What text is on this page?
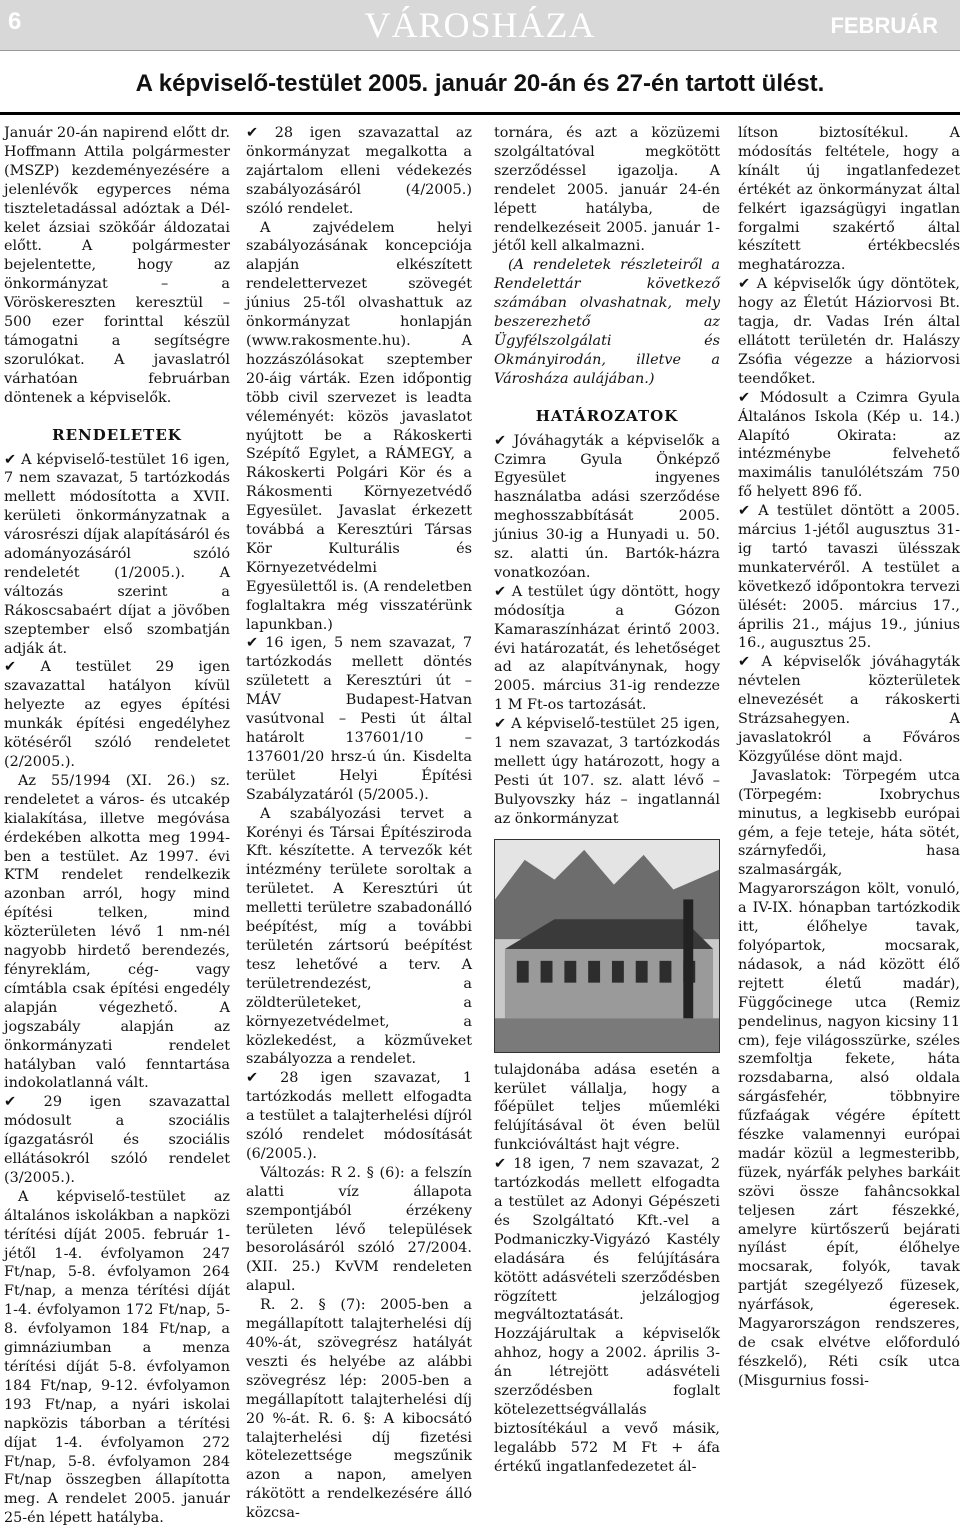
6	VÁROSHÁZA	FEBRUÁR
A képviselő-testület 2005. január 20-án és 27-én tartott ülést.

Január 20-án napirend előtt dr. Hoffmann Attila polgármester (MSZP) kezdeményezésére a jelenlévők egyperces néma tiszteletadással adóztak a Dél-kelet ázsiai szökőár áldozatai előtt. A polgármester bejelentette, hogy az önkormányzat – a Vöröskereszten keresztül – 500 ezer forinttal készül támogatni a segítségre szorulókat. A javaslatról várhatóan februárban döntenek a képviselők.

RENDELETEK

✔ A képviselő-testület 16 igen, 7 nem szavazat, 5 tartózkodás mellett módosította a XVII. kerületi önkormányzatnak a városrészi díjak alapításáról és adományozásáról szóló rendeletét (1/2005.). A változás szerint a Rákoscsabaért díjat a jövőben szeptember első szombatján adják át.

✔ A testület 29 igen szavazattal hatályon kívül helyezte az egyes építési munkák építési engedélyhez kötéséről szóló rendeletet (2/2005.).

Az 55/1994 (XI. 26.) sz. rendeletet a város- és utcakép kialakítása, illetve megóvása érdekében alkotta meg 1994-ben a testület. Az 1997. évi KTM rendelet rendelkezik azonban arról, hogy mind építési telken, mind közterületen lévő 1 nm-nél nagyobb hirdető berendezés, fényreklám, cég- vagy címtábla csak építési engedély alapján végezhető. A jogszabály alapján az önkormányzati rendelet hatályban való fenntartása indokolatlanná vált.

✔ 29 igen szavazattal módosult a szociális ígazgatásról és szociális ellátásokról szóló rendelet (3/2005.).

A képviselő-testület az általános iskolákban a napközi térítési díját 2005. február 1-jétől 1-4. évfolyamon 247 Ft/nap, 5-8. évfolyamon 264 Ft/nap, a menza térítési díját 1-4. évfolyamon 172 Ft/nap, 5-8. évfolyamon 184 Ft/nap, a gimnáziumban a menza térítési díját 5-8. évfolyamon 184 Ft/nap, 9-12. évfolyamon 193 Ft/nap, a nyári iskolai napközis táborban a térítési díjat 1-4. évfolyamon 272 Ft/nap, 5-8. évfolyamon 284 Ft/nap összegben állapította meg. A rendelet 2005. január 25-én lépett hatályba.

✔ 28 igen szavazattal az önkormányzat megalkotta a zajártalom elleni védekezés szabályozásáról (4/2005.) szóló rendelet.

A zajvédelem helyi szabályozásának koncepciója alapján elkészített rendelettervezet szövegét június 25-től olvashattuk az önkormányzat honlapján (www.rakosmente.hu). A hozzászólásokat szeptember 20-áig várták. Ezen időpontig több civil szervezet is leadta véleményét: közös javaslatot nyújtott be a Rákoskerti Szépítő Egylet, a RÁMEGY, a Rákoskerti Polgári Kör és a Rákosmenti Környezetvédő Egyesület. Javaslat érkezett továbbá a Keresztúri Társas Kör Kulturális és Környezetvédelmi Egyesülettől is. (A rendeletben foglaltakra még visszatérünk lapunkban.)

✔ 16 igen, 5 nem szavazat, 7 tartózkodás mellett döntés született a Keresztúri út – MÁV Budapest-Hatvan vasútvonal – Pesti út által határolt 137601/10 – 137601/20 hrsz-ú ún. Kisdelta terület Helyi Építési Szabályzatáról (5/2005.).

A szabályozási tervet a Korényi és Társai Építésziroda Kft. készítette. A tervezők két intézmény területe soroltak a területet. A Keresztúri út melletti területre szabadonálló beépítést, míg a további területén zártsorú beépítést tesz lehetővé a terv. A területrendezést, a zöldterületeket, a környezetvédelmet, a közlekedést, a közműveket szabályozza a rendelet.

✔ 28 igen szavazat, 1 tartózkodás mellett elfogadta a testület a talajterhelési díjról szóló rendelet módosítását (6/2005.).

Változás: R 2. § (6): a felszín alatti víz állapota szempontjából érzékeny területen lévő települések besorolásáról szóló 27/2004. (XII. 25.) KvVM rendeleten alapul.

R. 2. § (7): 2005-ben a megállapított talajterhelési díj 40%-át, szövegrész hatályát veszti és helyébe az alábbi szövegrész lép: 2005-ben a megállapított talajterhelési díj 20 %-át. R. 6. §: A kibocsátó talajterhelési díj fizetési kötelezettsége megszűnik azon a napon, amelyen rákötött a rendelkezésére álló közcsa-

tornára, és azt a közüzemi szolgáltatóval megkötött szerződéssel igazolja. A rendelet 2005. január 24-én lépett hatályba, de rendelkezéseit 2005. január 1-jétől kell alkalmazni.

(A rendeletek részleteiről a Rendelettár következő számában olvashatnak, mely beszerezhető az Ügyfélszolgálati és Okmányirodán, illetve a Városháza aulájában.)

HATÁROZATOK

✔ Jóváhagyták a képviselők a Czimra Gyula Önképző Egyesület ingyenes használatba adási szerződése meghosszabbítását 2005. június 30-ig a Hunyadi u. 50. sz. alatti ún. Bartók-házra vonatkozóan.

✔ A testület úgy döntött, hogy módosítja a Gózon Kamaraszínházat érintő 2003. évi határozatát, és lehetőséget ad az alapítványnak, hogy 2005. március 31-ig rendezze 1 M Ft-os tartozását.

✔ A képviselő-testület 25 igen, 1 nem szavazat, 3 tartózkodás mellett úgy határozott, hogy a Pesti út 107. sz. alatt lévő – Bulyovszky ház – ingatlannál az önkormányzat

tulajdonába adása esetén a kerület vállalja, hogy a főépület teljes műemléki felújításával öt éven belül funkcióváltást hajt végre.

✔ 18 igen, 7 nem szavazat, 2 tartózkodás mellett elfogadta a testület az Adonyi Gépészeti és Szolgáltató Kft.-vel a Podmaniczky-Vigyázó Kastély eladására és felújítására kötött adásvételi szerződésben rögzített jelzálogjog megváltoztatását. Hozzájárultak a képviselők ahhoz, hogy a 2002. április 3-án létrejött adásvételi szerződésben foglalt kötelezettségvállalás biztosítékául a vevő másik, legalább 572 M Ft + áfa értékű ingatlanfedezetet ál-

lítson biztosítékul. A módosítás feltétele, hogy a kínált új ingatlanfedezet értékét az önkormányzat által felkért igazságügyi ingatlan forgalmi szakértő által készített értékbecslés meghatározza.

✔ A képviselők úgy döntötek, hogy az Életút Háziorvosi Bt. tagja, dr. Vadas Irén által ellátott területén dr. Halászy Zsófia végezze a háziorvosi teendőket.

✔ Módosult a Czimra Gyula Általános Iskola (Kép u. 14.) Alapító Okirata: az intézménybe felvehető maximális tanulólétszám 750 fő helyett 896 fő.

✔ A testület döntött a 2005. március 1-jétől augusztus 31-ig tartó tavaszi ülésszak munkatervéről. A testület a következő időpontokra tervezi ülését: 2005. március 17., április 21., május 19., június 16., augusztus 25.

✔ A képviselők jóváhagyták névtelen közterületek elnevezését a rákoskerti Strázsahegyen. A javaslatokról a Főváros Közgyűlése dönt majd.

Javaslatok: Törpegém utca (Törpegém: Ixobrychus minutus, a legkisebb európai gém, a feje teteje, háta sötét, szárnyfedői, hasa szalmasárgák, Magyarországon költ, vonuló, a IV-IX. hónapban tartózkodik itt, élőhelye tavak, folyópartok, mocsarak, nádasok, a nád között élő rejtett életű madár), Függőcinege utca (Remiz pendelinus, nagyon kicsiny 11 cm), feje világosszürke, széles szemfoltja fekete, háta rozsdabarna, alsó oldala sárgásfehér, többnyire fűzfaágak végére épített fészke valamennyi európai madár közül a legmesteribb, füzek, nyárfák pelyhes barkáit szövi össze fahâncsokkal teljesen zárt fészekké, amelyre kürtőszerű bejárati nyílást épít, élőhelye mocsarak, folyók, tavak partját szegélyező füzesek, nyárfások, égeresek. Magyarországon rendszeres, de csak elvétve előforduló fészkelő), Réti csík utca (Misgurnius fossi-
